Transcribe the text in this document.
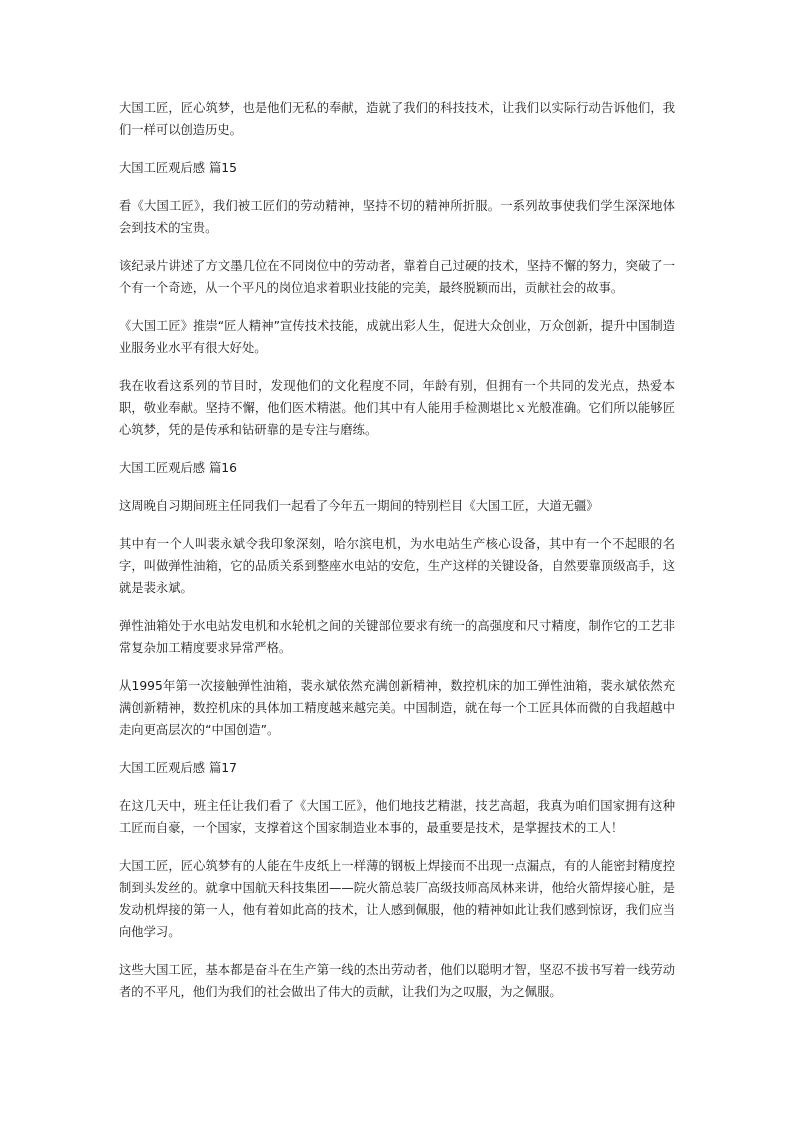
大国工匠，匠心筑梦，也是他们无私的奉献，造就了我们的科技技术，让我们以实际行动告诉他们，我们一样可以创造历史。

大国工匠观后感 篇15

看《大国工匠》，我们被工匠们的劳动精神，坚持不切的精神所折服。一系列故事使我们学生深深地体会到技术的宝贵。

该纪录片讲述了方文墨几位在不同岗位中的劳动者，靠着自己过硬的技术，坚持不懈的努力，突破了一个有一个奇迹，从一个平凡的岗位追求着职业技能的完美，最终脱颖而出，贡献社会的故事。

《大国工匠》推崇“匠人精神”宣传技术技能，成就出彩人生，促进大众创业，万众创新，提升中国制造业服务业水平有很大好处。

我在收看这系列的节目时，发现他们的文化程度不同，年龄有别，但拥有一个共同的发光点，热爱本职，敬业奉献。坚持不懈，他们医术精湛。他们其中有人能用手检测堪比ｘ光般准确。它们所以能够匠心筑梦，凭的是传承和钻研靠的是专注与磨练。

大国工匠观后感 篇16

这周晚自习期间班主任同我们一起看了今年五一期间的特别栏目《大国工匠，大道无疆》

其中有一个人叫裴永斌令我印象深刻，哈尔滨电机，为水电站生产核心设备，其中有一个不起眼的名字，叫做弹性油箱，它的品质关系到整座水电站的安危，生产这样的关键设备，自然要靠顶级高手，这就是裴永斌。

弹性油箱处于水电站发电机和水轮机之间的关键部位要求有统一的高强度和尺寸精度，制作它的工艺非常复杂加工精度要求异常严格。

从1995年第一次接触弹性油箱，裴永斌依然充满创新精神，数控机床的加工弹性油箱，裴永斌依然充满创新精神，数控机床的具体加工精度越来越完美。中国制造，就在每一个工匠具体而微的自我超越中走向更高层次的“中国创造”。

大国工匠观后感 篇17

在这几天中，班主任让我们看了《大国工匠》，他们地技艺精湛，技艺高超，我真为咱们国家拥有这种工匠而自豪，一个国家，支撑着这个国家制造业本事的，最重要是技术，是掌握技术的工人！

大国工匠，匠心筑梦有的人能在牛皮纸上一样薄的钢板上焊接而不出现一点漏点，有的人能密封精度控制到头发丝的。就拿中国航天科技集团——院火箭总装厂高级技师高凤林来讲，他给火箭焊接心脏，是发动机焊接的第一人，他有着如此高的技术，让人感到佩服，他的精神如此让我们感到惊讶，我们应当向他学习。

这些大国工匠，基本都是奋斗在生产第一线的杰出劳动者，他们以聪明才智，坚忍不拔书写着一线劳动者的不平凡，他们为我们的社会做出了伟大的贡献，让我们为之叹服，为之佩服。
